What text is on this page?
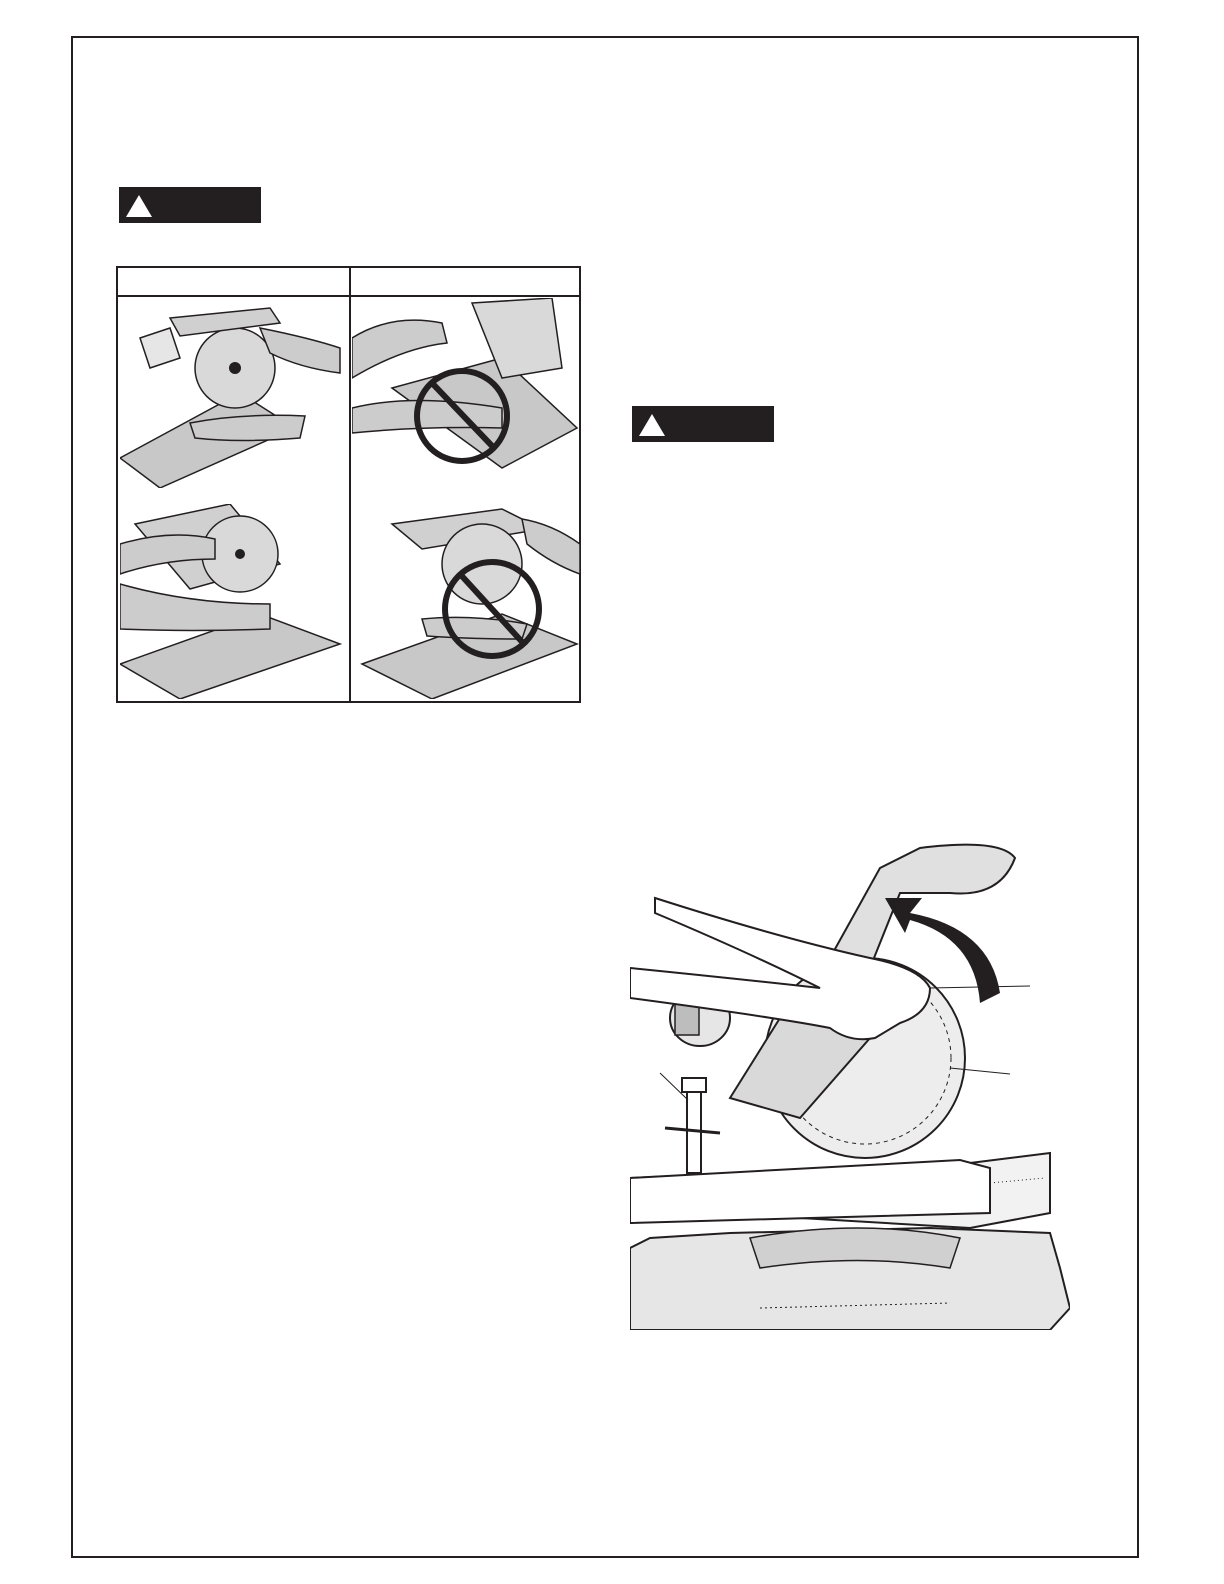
OPEN
